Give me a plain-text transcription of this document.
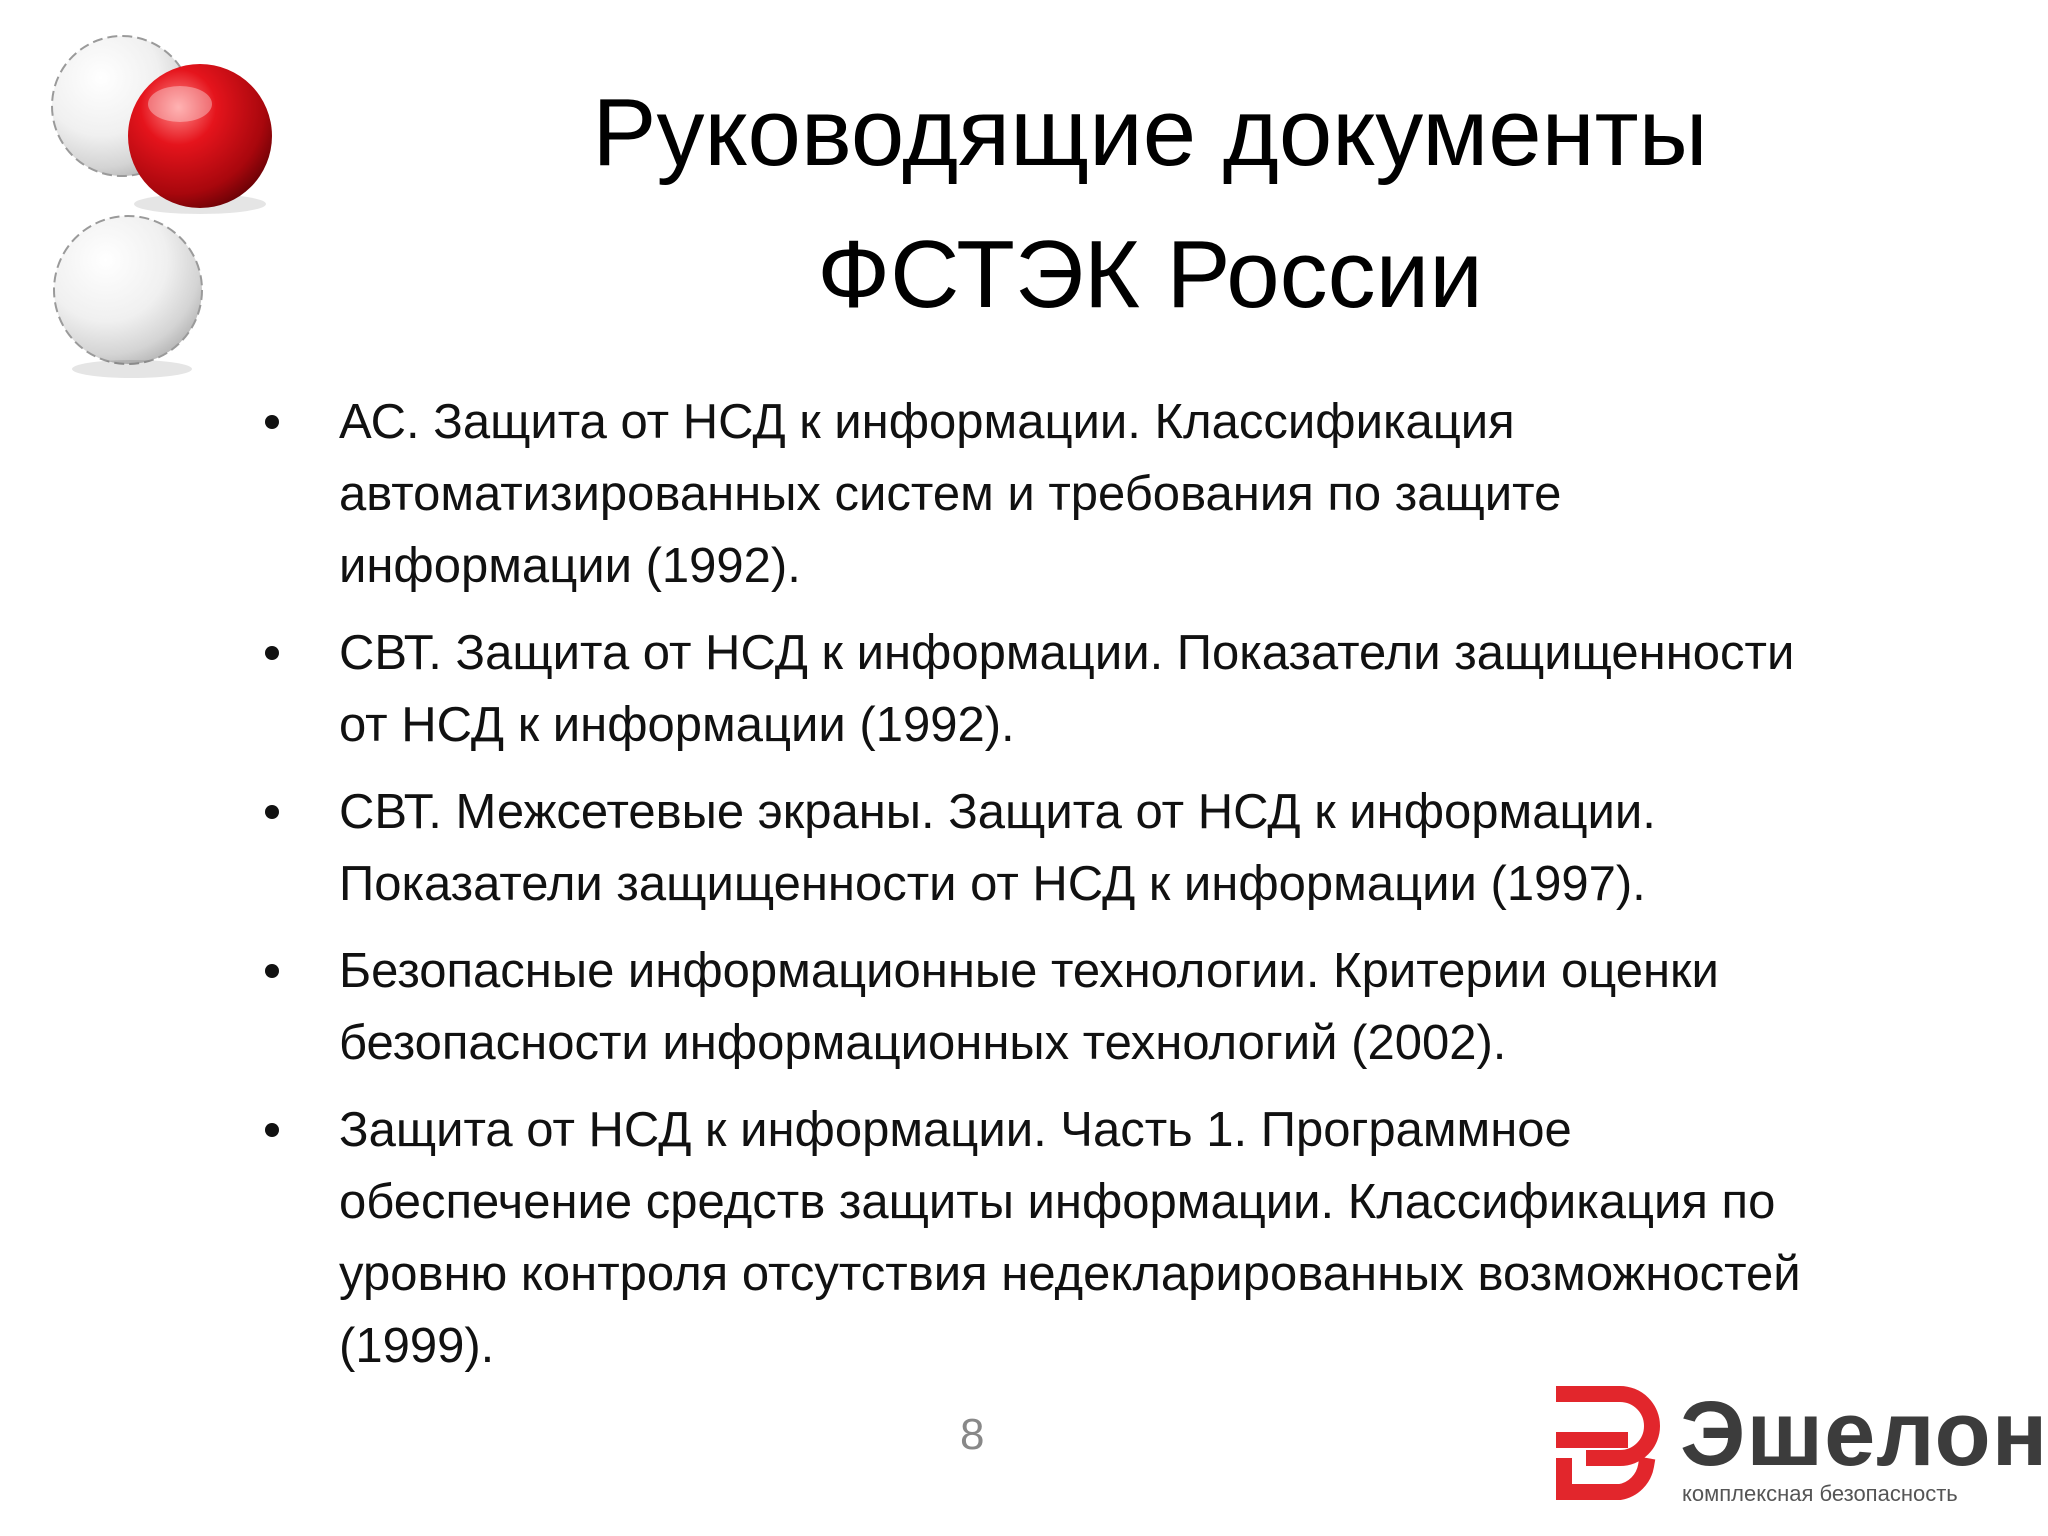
Руководящие документы
ФСТЭК России
АС. Защита от НСД к информации. Классификация автоматизированных систем и требования по защите информации (1992).
СВТ. Защита от НСД к информации. Показатели защищенности от НСД к информации (1992).
СВТ. Межсетевые экраны. Защита от НСД к информации. Показатели защищенности от НСД к информации (1997).
Безопасные информационные технологии. Критерии оценки безопасности информационных технологий (2002).
Защита от НСД к информации. Часть 1. Программное обеспечение средств защиты информации. Классификация по уровню контроля отсутствия недекларированных возможностей (1999).
8	Эшелон
комплексная безопасность
